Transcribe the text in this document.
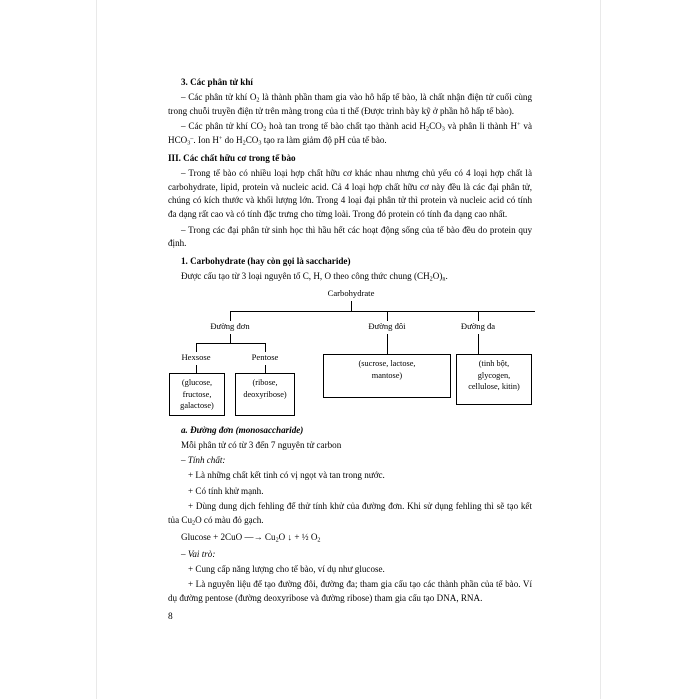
3. Các phân tử khí

– Các phân tử khí $O_2$ là thành phần tham gia vào hô hấp tế bào, là chất nhận điện tử cuối cùng trong chuỗi truyền điện tử trên màng trong của ti thể (Được trình bày kỹ ở phần hô hấp tế bào).

– Các phân tử khí $CO_2$ hoà tan trong tế bào chất tạo thành acid $H_2CO_3$ và phân li thành H+ và $HCO_3^-$. Ion H+ do $H_2CO_3$ tạo ra làm giảm độ pH của tế bào.

III. Các chất hữu cơ trong tế bào

– Trong tế bào có nhiều loại hợp chất hữu cơ khác nhau nhưng chủ yếu có 4 loại hợp chất là carbohydrate, lipid, protein và nucleic acid. Cả 4 loại hợp chất hữu cơ này đều là các đại phân tử, chúng có kích thước và khối lượng lớn. Trong 4 loại đại phân tử thì protein và nucleic acid có tính đa dạng rất cao và có tính đặc trưng cho từng loài. Trong đó protein có tính đa dạng cao nhất.

– Trong các đại phân tử sinh học thì hầu hết các hoạt động sống của tế bào đều do protein quy định.

1. Carbohydrate (hay còn gọi là saccharide)

Được cấu tạo từ 3 loại nguyên tố C, H, O theo công thức chung $(CH_2O)_n$.

Carbohydrate
Đường đơn	Đường đôi	Đường đa
Hexsose	Pentose
(glucose,
fructose,
galactose)
(ribose,
deoxyribose)
(sucrose, lactose,
mantose)
(tinh bột,
glycogen,
cellulose, kitin)

a. Đường đơn (monosaccharide)

Mỗi phân tử có từ 3 đến 7 nguyên tử carbon

– Tính chất:

+ Là những chất kết tinh có vị ngọt và tan trong nước.

+ Có tính khử mạnh.

+ Dùng dung dịch fehling để thử tính khử của đường đơn. Khi sử dụng fehling thì sẽ tạo kết tủa $Cu_2O$ có màu đỏ gạch.

Glucose + 2CuO ⎯⎯→ $Cu_2O$ ↓ + ½ $O_2$

– Vai trò:

+ Cung cấp năng lượng cho tế bào, ví dụ như glucose.

+ Là nguyên liệu để tạo đường đôi, đường đa; tham gia cấu tạo các thành phần của tế bào. Ví dụ đường pentose (đường deoxyribose và đường ribose) tham gia cấu tạo DNA, RNA.

8
